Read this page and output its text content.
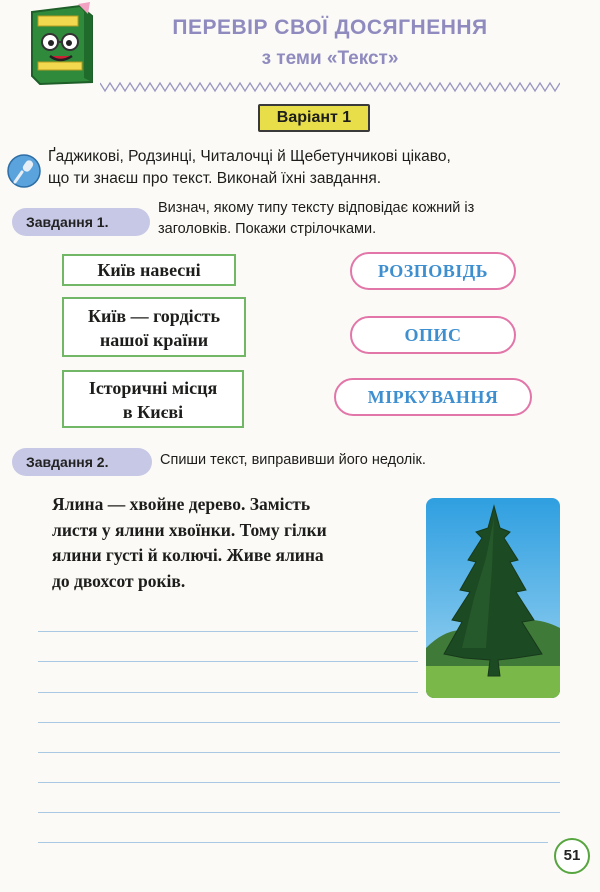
ПЕРЕВІР СВОЇ ДОСЯГНЕННЯ
з теми «Текст»
Варіант 1
Ґаджикові, Родзинці, Читалочці й Щебетунчикові цікаво,
що ти знаєш про текст. Виконай їхні завдання.
Завдання 1.
Визнач, якому типу тексту відповідає кожний із
заголовків. Покажи стрілочками.
Київ навесні
Київ — гордість
нашої країни
Історичні місця
в Києві
РОЗПОВІДЬ
ОПИС
МІРКУВАННЯ
Завдання 2.	Спиши текст, виправивши його недолік.
Ялина — хвойне дерево. Замість
листя у ялини хвоїнки. Тому гілки
ялини густі й колючі. Живе ялина
до двохсот років.
51
